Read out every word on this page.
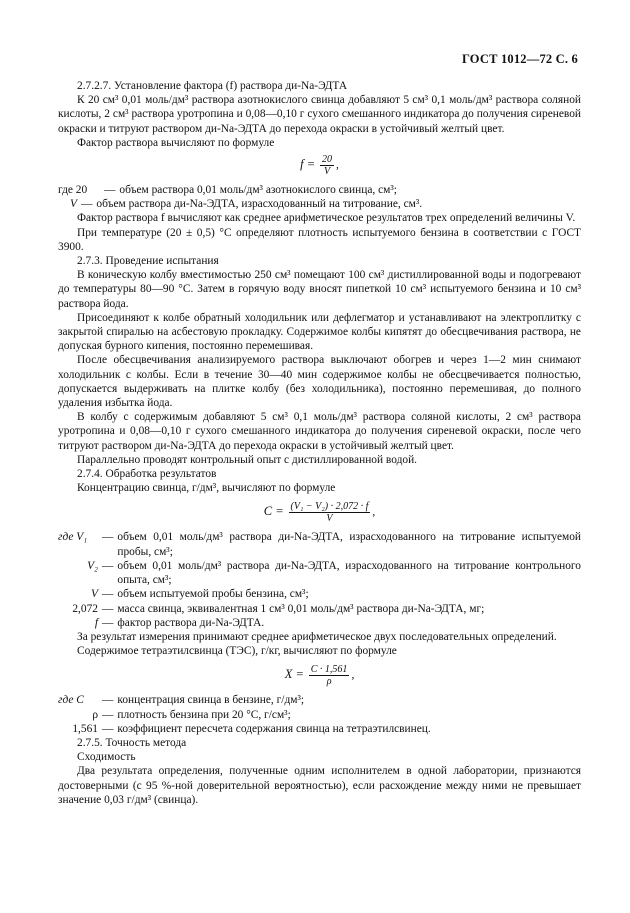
ГОСТ 1012—72 С. 6

2.7.2.7. Установление фактора (f) раствора ди-Na-ЭДТА

К 20 см³ 0,01 моль/дм³ раствора азотнокислого свинца добавляют 5 см³ 0,1 моль/дм³ раствора соляной кислоты, 2 см³ раствора уротропина и 0,08—0,10 г сухого смешанного индикатора до получения сиреневой окраски и титруют раствором ди-Na-ЭДТА до перехода окраски в устойчивый желтый цвет.

Фактор раствора вычисляют по формуле

$f = \frac{20}{V}$ ,
где 20	— объем раствора 0,01 моль/дм³ азотнокислого свинца, см³;
V — объем раствора ди-Na-ЭДТА, израсходованный на титрование, см³.

Фактор раствора f вычисляют как среднее арифметическое результатов трех определений величины V.

При температуре (20 ± 0,5) °С определяют плотность испытуемого бензина в соответствии с ГОСТ 3900.

2.7.3. Проведение испытания

В коническую колбу вместимостью 250 см³ помещают 100 см³ дистиллированной воды и подогревают до температуры 80—90 °С. Затем в горячую воду вносят пипеткой 10 см³ испытуемого бензина и 10 см³ раствора йода.

Присоединяют к колбе обратный холодильник или дефлегматор и устанавливают на электроплитку с закрытой спиралью на асбестовую прокладку. Содержимое колбы кипятят до обесцвечивания раствора, не допуская бурного кипения, постоянно перемешивая.

После обесцвечивания анализируемого раствора выключают обогрев и через 1—2 мин снимают холодильник с колбы. Если в течение 30—40 мин содержимое колбы не обесцвечивается полностью, допускается выдерживать на плитке колбу (без холодильника), постоянно перемешивая, до полного удаления избытка йода.

В колбу с содержимым добавляют 5 см³ 0,1 моль/дм³ раствора соляной кислоты, 2 см³ раствора уротропина и 0,08—0,10 г сухого смешанного индикатора до получения сиреневой окраски, после чего титруют раствором ди-Na-ЭДТА до перехода окраски в устойчивый желтый цвет.

Параллельно проводят контрольный опыт с дистиллированной водой.

2.7.4. Обработка результатов

Концентрацию свинца, г/дм³, вычисляют по формуле

$C = \frac{\text{(V₁ − V₂) · 2,072 · f}}{V}$ ,
где V₁	— объем 0,01 моль/дм³ раствора ди-Na-ЭДТА, израсходованного на титрование испытуемой пробы, см³;
V₂ — объем 0,01 моль/дм³ раствора ди-Na-ЭДТА, израсходованного на титрование контрольного опыта, см³;
V — объем испытуемой пробы бензина, см³;
2,072 — масса свинца, эквивалентная 1 см³ 0,01 моль/дм³ раствора ди-Na-ЭДТА, мг;
f — фактор раствора ди-Na-ЭДТА.

За результат измерения принимают среднее арифметическое двух последовательных определений.

Содержимое тетраэтилсвинца (ТЭС), г/кг, вычисляют по формуле

$X = \frac{C \cdot 1,561}{\rho}$ ,
где C	— концентрация свинца в бензине, г/дм³;
ρ — плотность бензина при 20 °С, г/см³;
1,561 — коэффициент пересчета содержания свинца на тетраэтилсвинец.

2.7.5. Точность метода

Сходимость

Два результата определения, полученные одним исполнителем в одной лаборатории, признаются достоверными (с 95 %-ной доверительной вероятностью), если расхождение между ними не превышает значение 0,03 г/дм³ (свинца).
